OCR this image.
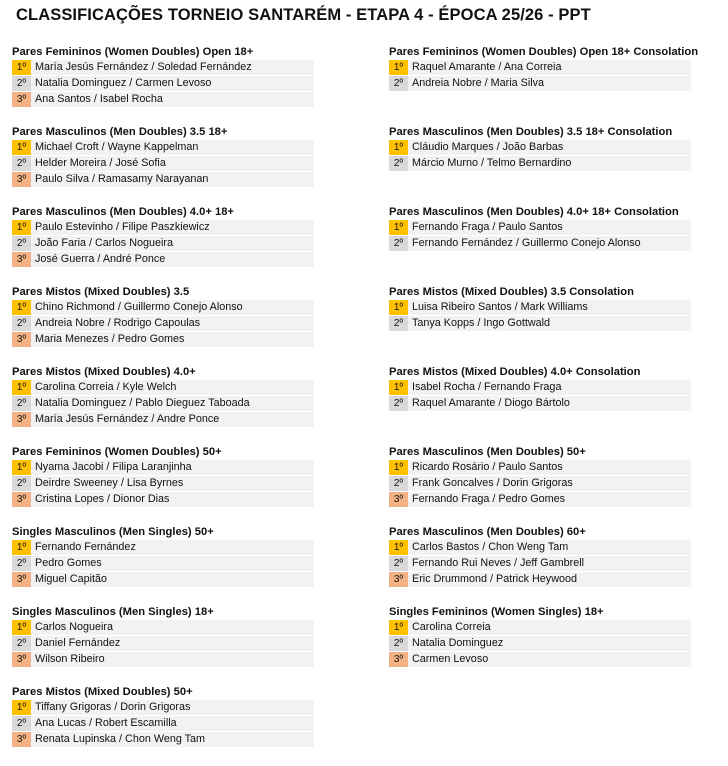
CLASSIFICAÇÕES TORNEIO SANTARÉM - ETAPA 4 - ÉPOCA 25/26 - PPT
Pares Femininos (Women Doubles) Open 18+
1º María Jesús Fernández / Soledad Fernández
2º Natalia Dominguez / Carmen Levoso
3º Ana Santos / Isabel Rocha
Pares Masculinos (Men Doubles) 3.5 18+
1º Michael Croft / Wayne Kappelman
2º Helder Moreira / José Sofia
3º Paulo Silva / Ramasamy Narayanan
Pares Masculinos (Men Doubles) 4.0+ 18+
1º Paulo Estevinho / Filipe Paszkiewicz
2º João Faria / Carlos Nogueira
3º José Guerra / André Ponce
Pares Mistos (Mixed Doubles) 3.5
1º Chino Richmond / Guillermo Conejo Alonso
2º Andreia Nobre / Rodrigo Capoulas
3º Maria Menezes / Pedro Gomes
Pares Mistos (Mixed Doubles) 4.0+
1º Carolina Correia / Kyle Welch
2º Natalia Dominguez / Pablo Dieguez Taboada
3º María Jesús Fernández / Andre Ponce
Pares Femininos (Women Doubles) 50+
1º Nyama Jacobi / Filipa Laranjinha
2º Deirdre Sweeney / Lisa Byrnes
3º Cristina Lopes / Dionor Dias
Singles Masculinos (Men Singles) 50+
1º Fernando Fernández
2º Pedro Gomes
3º Miguel Capitão
Singles Masculinos (Men Singles) 18+
1º Carlos Nogueira
2º Daniel Fernández
3º Wilson Ribeiro
Pares Mistos (Mixed Doubles) 50+
1º Tiffany Grigoras / Dorin Grigoras
2º Ana Lucas / Robert Escamilla
3º Renata Lupinska / Chon Weng Tam
Pares Femininos (Women Doubles) Open 18+ Consolation
1º Raquel Amarante / Ana Correia
2º Andreia Nobre / Maria Silva
Pares Masculinos (Men Doubles) 3.5 18+ Consolation
1º Cláudio Marques / João Barbas
2º Márcio Murno / Telmo Bernardino
Pares Masculinos (Men Doubles) 4.0+ 18+ Consolation
1º Fernando Fraga / Paulo Santos
2º Fernando Fernández / Guillermo Conejo Alonso
Pares Mistos (Mixed Doubles) 3.5 Consolation
1º Luisa Ribeiro Santos / Mark Williams
2º Tanya Kopps / Ingo Gottwald
Pares Mistos (Mixed Doubles) 4.0+ Consolation
1º Isabel Rocha / Fernando Fraga
2º Raquel Amarante / Diogo Bártolo
Pares Masculinos (Men Doubles) 50+
1º Ricardo Rosário / Paulo Santos
2º Frank Goncalves / Dorin Grigoras
3º Fernando Fraga / Pedro Gomes
Pares Masculinos (Men Doubles) 60+
1º Carlos Bastos / Chon Weng Tam
2º Fernando Rui Neves / Jeff Gambrell
3º Eric Drummond / Patrick Heywood
Singles Femininos (Women Singles) 18+
1º Carolina Correia
2º Natalia Dominguez
3º Carmen Levoso
